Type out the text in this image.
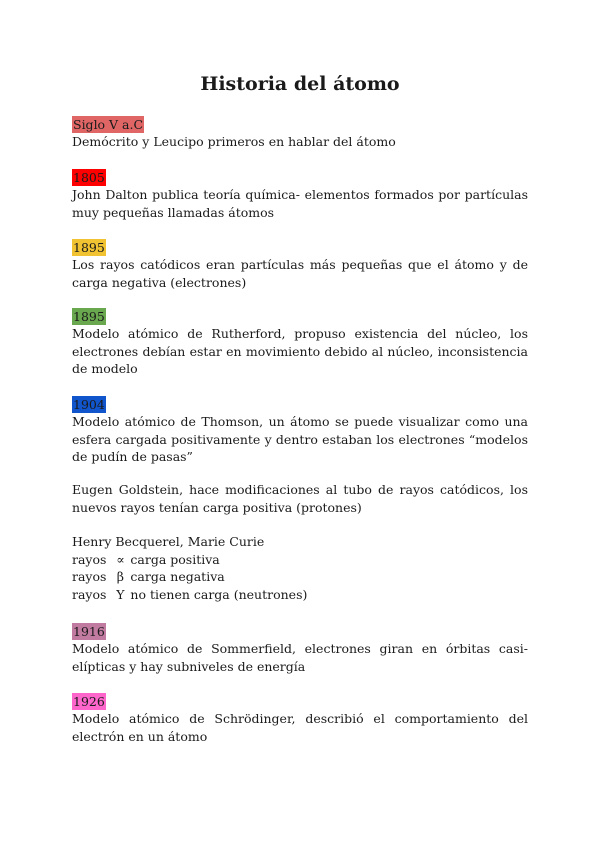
Historia del átomo
Siglo V a.C

Demócrito y Leucipo primeros en hablar del átomo

1805

John Dalton publica teoría química- elementos formados por partículas muy pequeñas llamadas átomos

1895

Los rayos catódicos eran partículas más pequeñas que el átomo y de carga negativa (electrones)

1895

Modelo atómico de Rutherford, propuso existencia del núcleo, los electrones debían estar en movimiento debido al núcleo, inconsistencia de modelo

1904

Modelo atómico de Thomson, un átomo se puede visualizar como una esfera cargada positivamente y dentro estaban los electrones “modelos de pudín de pasas”

Eugen Goldstein, hace modificaciones al tubo de rayos catódicos, los nuevos rayos tenían carga positiva (protones)

Henry Becquerel, Marie Curie

rayos ∝ carga positiva

rayos β carga negativa

rayos Y no tienen carga (neutrones)

1916

Modelo atómico de Sommerfield, electrones giran en órbitas casi-elípticas y hay subniveles de energía

1926

Modelo atómico de Schrödinger, describió el comportamiento del electrón en un átomo
